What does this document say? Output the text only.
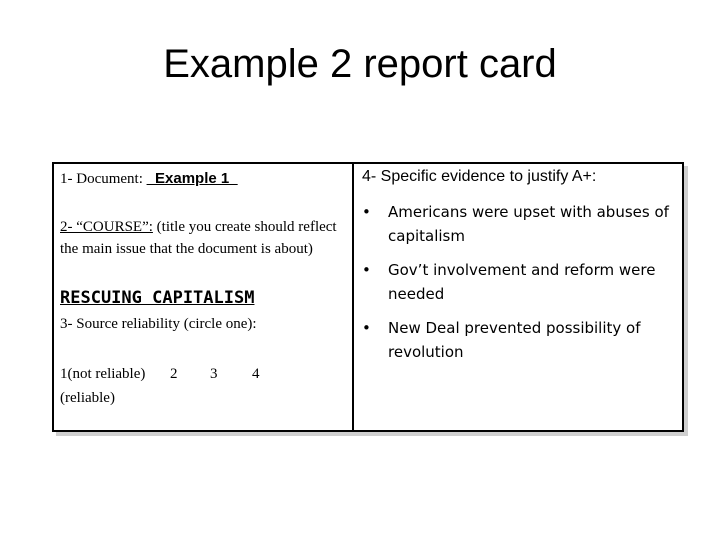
Example 2 report card
1- Document: _Example 1_
2- “COURSE”: (title you create should reflect the main issue that the document is about)
RESCUING CAPITALISM
3- Source reliability (circle one):
1(not reliable) 2 3 4
(reliable)
4- Specific evidence to justify A+:
• Americans were upset with abuses of capitalism
• Gov’t involvement and reform were needed
• New Deal prevented possibility of revolution
